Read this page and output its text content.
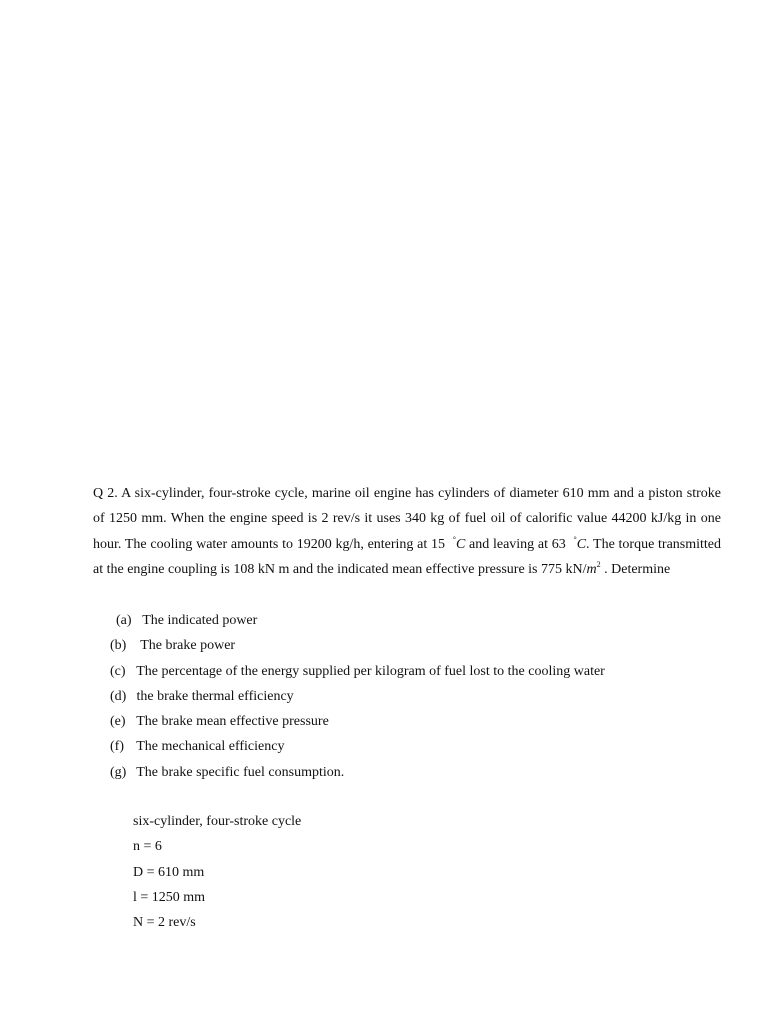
Q 2. A six-cylinder, four-stroke cycle, marine oil engine has cylinders of diameter 610 mm and a piston stroke of 1250 mm. When the engine speed is 2 rev/s it uses 340 kg of fuel oil of calorific value 44200 kJ/kg in one hour. The cooling water amounts to 19200 kg/h, entering at 15 °C and leaving at 63 °C. The torque transmitted at the engine coupling is 108 kN m and the indicated mean effective pressure is 775 $kN/m^2$ . Determine

(a) The indicated power
(b) The brake power
(c) The percentage of the energy supplied per kilogram of fuel lost to the cooling water
(d) the brake thermal efficiency
(e) The brake mean effective pressure
(f) The mechanical efficiency
(g) The brake specific fuel consumption.
six-cylinder, four-stroke cycle
n = 6
D = 610 mm
l = 1250 mm
N = 2 rev/s
